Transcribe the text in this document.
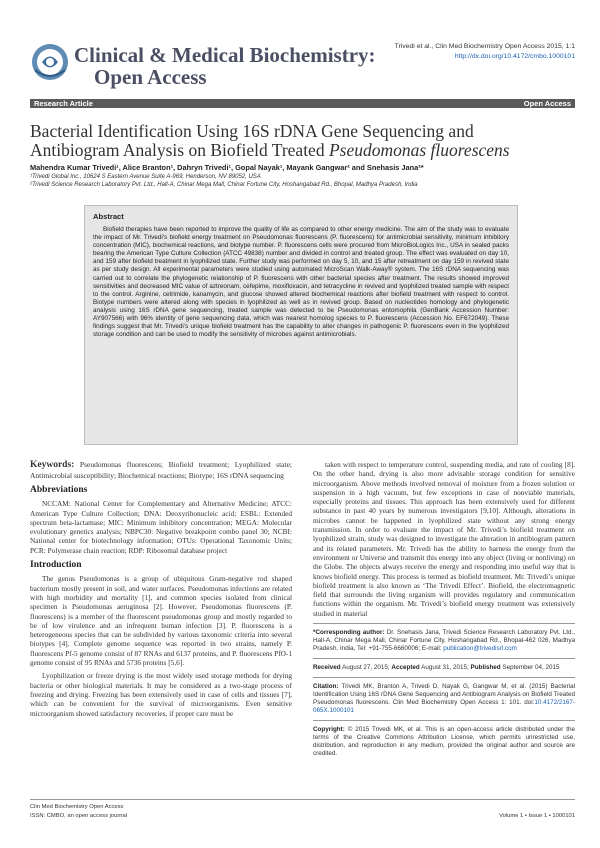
Clinical & Medical Biochemistry:
Open Access
Trivedi et al., Clin Med Biochemistry Open Access 2015, 1:1
http://dx.doi.org/10.4172/cmbo.1000101
Research Article	Open Access
Bacterial Identification Using 16S rDNA Gene Sequencing and
Antibiogram Analysis on Biofield Treated Pseudomonas fluorescens
Mahendra Kumar Trivedi¹, Alice Branton¹, Dahryn Trivedi¹, Gopal Nayak¹, Mayank Gangwar² and Snehasis Jana²*
¹Trivedi Global Inc., 10624 S Eastern Avenue Suite A-969, Henderson, NV 89052, USA
²Trivedi Science Research Laboratory Pvt. Ltd., Hall-A, Chinar Mega Mall, Chinar Fortune City, Hoshangabad Rd., Bhopal, Madhya Pradesh, India
Abstract

Biofield therapies have been reported to improve the quality of life as compared to other energy medicine. The aim of the study was to evaluate the impact of Mr. Trivedi’s biofield energy treatment on Pseudomonas fluorescens (P. fluorescens) for antimicrobial sensitivity, minimum inhibitory concentration (MIC), biochemical reactions, and biotype number. P. fluorescens cells were procured from MicroBioLogics Inc., USA in sealed packs bearing the American Type Culture Collection (ATCC 49838) number and divided in control and treated group. The effect was evaluated on day 10, and 159 after biofield treatment in lyophilized state. Further study was performed on day 5, 10, and 15 after retreatment on day 159 in revived state as per study design. All experimental parameters were studied using automated MicroScan Walk-Away® system. The 16S rDNA sequencing was carried out to correlate the phylogenetic relationship of P. fluorescens with other bacterial species after treatment. The results showed improved sensitivities and decreased MIC value of aztreonam, cefepime, moxifloxacin, and tetracycline in revived and lyophilized treated sample with respect to the control. Arginine, cetrimide, kanamycin, and glucose showed altered biochemical reactions after biofield treatment with respect to control. Biotype numbers were altered along with species in lyophilized as well as in revived group. Based on nucleotides homology and phylogenetic analysis using 16S rDNA gene sequencing, treated sample was detected to be Pseudomonas entomophila (GenBank Accession Number: AY907566) with 96% identity of gene sequencing data, which was nearest homolog species to P. fluorescens (Accession No. EF672049). These findings suggest that Mr. Trivedi’s unique biofield treatment has the capability to alter changes in pathogenic P. fluorescens even in the lyophilized storage condition and can be used to modify the sensitivity of microbes against antimicrobials.

Keywords: Pseudomonas fluorescens; Biofield treatment; Lyophilized state; Antimicrobial susceptibility; Biochemical reactions; Biotype; 16S rDNA sequencing

Abbreviations

NCCAM: National Center for Complementary and Alternative Medicine; ATCC: American Type Culture Collection; DNA: Deoxyribonucleic acid; ESBL: Extended spectrum beta-lactamase; MIC: Minimum inhibitory concentration; MEGA: Molecular evolutionary genetics analysis; NBPC30: Negative breakpoint combo panel 30; NCBI: National center for biotechnology information; OTUs: Operational Taxonomic Units; PCR: Polymerase chain reaction; RDP: Ribosomal database project

Introduction

The genus Pseudomonas is a group of ubiquitous Gram-negative rod shaped bacterium mostly present in soil, and water surfaces. Pseudomonas infections are related with high morbidity and mortality [1], and common species isolated from clinical specimen is Pseudomonas aeruginosa [2]. However, Pseudomonas fluorescens (P. fluorescens) is a member of the fluorescent pseudomonas group and mostly regarded to be of low virulence and an infrequent human infection [3]. P. fluorescens is a heterogeneous species that can be subdivided by various taxonomic criteria into several biotypes [4]. Complete genome sequence was reported in two strains, namely P. fluorescens Pf-5 genome consist of 87 RNAs and 6137 proteins, and P. fluorescens PfO-1 genome consist of 95 RNAs and 5736 proteins [5,6].

Lyophilization or freeze drying is the most widely used storage methods for drying bacteria or other biological materials. It may be considered as a two-stage process of freezing and drying. Freezing has been extensively used in case of cells and tissues [7], which can be convenient for the survival of microorganisms. Even sensitive microorganism showed satisfactory recoveries, if proper care must be

taken with respect to temperature control, suspending media, and rate of cooling [8]. On the other hand, drying is also more advisable storage condition for sensitive microorganism. Above methods involved removal of moisture from a frozen solution or suspension in a high vacuum, but few exceptions in case of nonviable materials, especially proteins and tissues. This approach has been extensively used for different substance in past 40 years by numerous investigators [9,10]. Although, alterations in microbes cannot be happened in lyophilized state without any strong energy transmission. In order to evaluate the impact of Mr. Trivedi’s biofield treatment on lyophilized strain, study was designed to investigate the alteration in antibiogram pattern and its related parameters. Mr. Trivedi has the ability to harness the energy from the environment or Universe and transmit this energy into any object (living or nonliving) on the Globe. The objects always receive the energy and responding into useful way that is knows biofield energy. This process is termed as biofield treatment. Mr. Trivedi’s unique biofield treatment is also known as ‘The Trivedi Effect’. Biofield, the electromagnetic field that surrounds the living organism will provides regulatory and communication functions within the organism. Mr. Trivedi’s biofield energy treatment was extensively studied in material

*Corresponding author: Dr. Snehasis Jana, Trivedi Science Research Laboratory Pvt. Ltd., Hall-A, Chinar Mega Mall, Chinar Fortune City, Hoshangabad Rd., Bhopal-462 026, Madhya Pradesh, India, Tel: +91-755-6660006; E-mail: publication@trivedisrl.com

Received August 27, 2015; Accepted August 31, 2015; Published September 04, 2015

Citation: Trivedi MK, Branton A, Trivedi D, Nayak G, Gangwar M, et al. (2015) Bacterial Identification Using 16S rDNA Gene Sequencing and Antibiogram Analysis on Biofield Treated Pseudomonas fluorescens. Clin Med Biochemistry Open Access 1: 101. doi:10.4172/2167-065X.1000101

Copyright: © 2015 Trivedi MK, et al. This is an open-access article distributed under the terms of the Creative Commons Attribution License, which permits unrestricted use, distribution, and reproduction in any medium, provided the original author and source are credited.

Clin Med Biochemistry Open Access
ISSN: CMBO, an open access journal	Volume 1 • Issue 1 • 1000101
